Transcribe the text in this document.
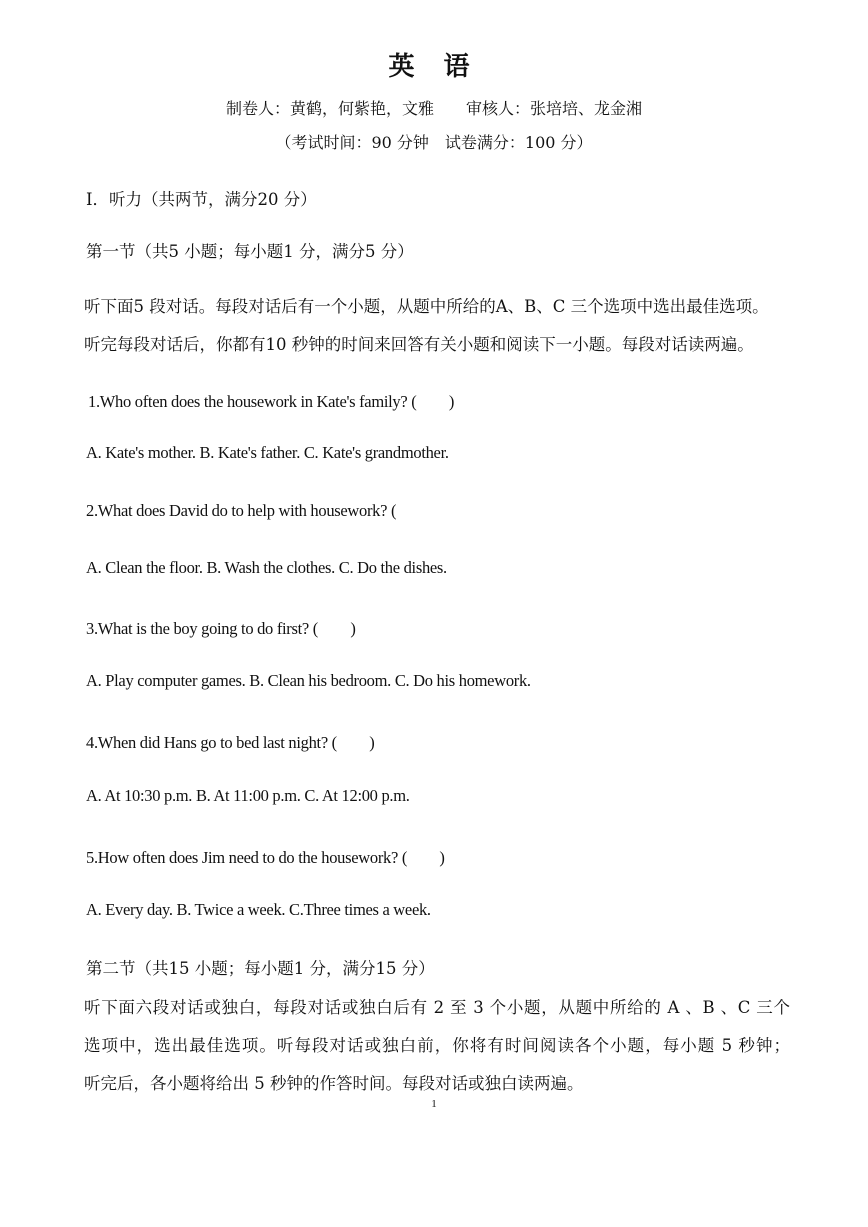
英 语
制卷人：黄鹤，何紫艳，文雅　　审核人：张培培、龙金湘
（考试时间：90 分钟　试卷满分：100 分）
I．听力（共两节，满分20 分）
第一节（共5 小题；每小题1 分，满分5 分）
听下面5 段对话。每段对话后有一个小题，从题中所给的A、B、C 三个选项中选出最佳选项。
听完每段对话后，你都有10 秒钟的时间来回答有关小题和阅读下一小题。每段对话读两遍。
1.Who often does the housework in Kate's family? (　　)
A. Kate's mother. B. Kate's father. C. Kate's grandmother.
2.What does David do to help with housework? (
A. Clean the floor. B. Wash the clothes. C. Do the dishes.
3.What is the boy going to do first? (　　)
A. Play computer games. B. Clean his bedroom. C. Do his homework.
4.When did Hans go to bed last night? (　　)
A. At 10:30 p.m. B. At 11:00 p.m. C. At 12:00 p.m.
5.How often does Jim need to do the housework? (　　)
A. Every day. B. Twice a week. C.Three times a week.
第二节（共15 小题；每小题1 分，满分15 分）
听下面六段对话或独白，每段对话或独白后有 2 至 3 个小题，从题中所给的 A 、B 、C 三个
选项中，选出最佳选项。听每段对话或独白前，你将有时间阅读各个小题，每小题 5 秒钟；
听完后，各小题将给出 5 秒钟的作答时间。每段对话或独白读两遍。
1
